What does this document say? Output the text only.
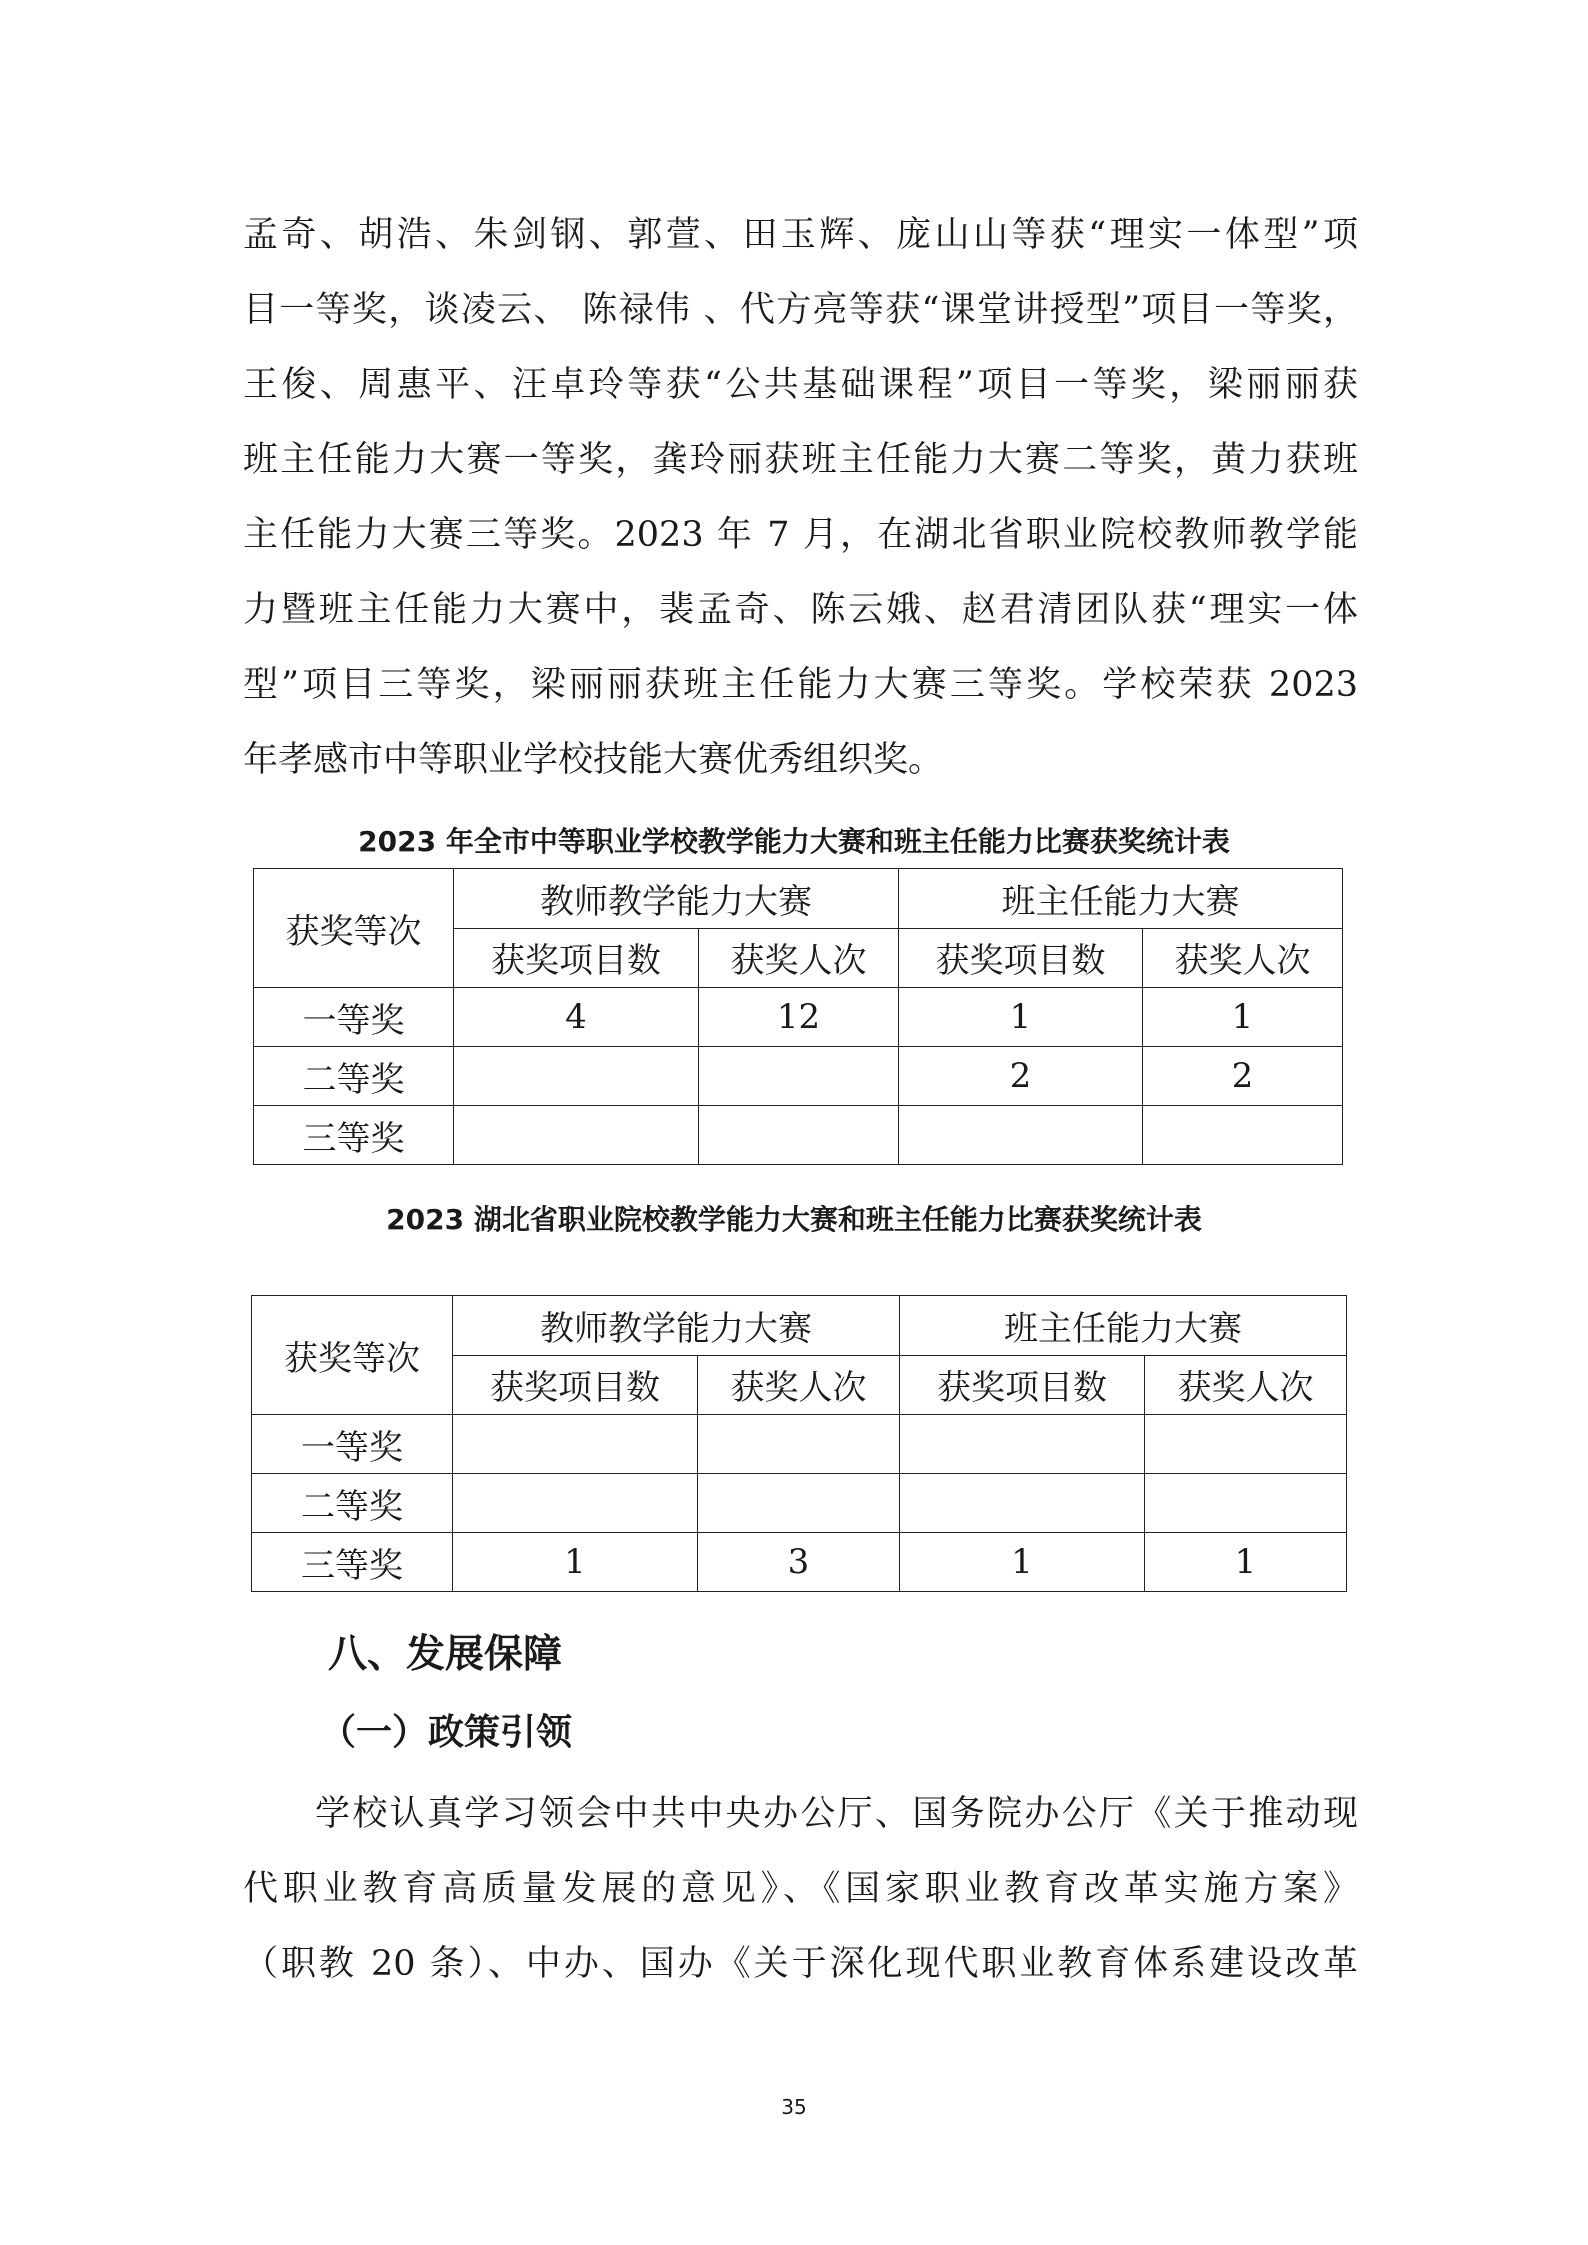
孟奇、胡浩、朱剑钢、郭萱、田玉辉、庞山山等获“理实一体型”项
目一等奖，谈凌云、 陈禄伟 、代方亮等获“课堂讲授型”项目一等奖，
王俊、周惠平、汪卓玲等获“公共基础课程”项目一等奖，梁丽丽获
班主任能力大赛一等奖，龚玲丽获班主任能力大赛二等奖，黄力获班
主任能力大赛三等奖。2023 年 7 月，在湖北省职业院校教师教学能
力暨班主任能力大赛中，裴孟奇、陈云娥、赵君清团队获“理实一体
型”项目三等奖，梁丽丽获班主任能力大赛三等奖。学校荣获 2023
年孝感市中等职业学校技能大赛优秀组织奖。
2023 年全市中等职业学校教学能力大赛和班主任能力比赛获奖统计表
获奖等次	教师教学能力大赛		班主任能力大赛	
	获奖项目数	获奖人次	获奖项目数	获奖人次
一等奖	4	12	1	1
二等奖			2	2
三等奖				
2023 湖北省职业院校教学能力大赛和班主任能力比赛获奖统计表
获奖等次	教师教学能力大赛		班主任能力大赛	
	获奖项目数	获奖人次	获奖项目数	获奖人次
一等奖				
二等奖				
三等奖	1	3	1	1
八、发展保障
（一）政策引领
学校认真学习领会中共中央办公厅、国务院办公厅《关于推动现
代职业教育高质量发展的意见》、《国家职业教育改革实施方案》
（职教 20 条）、中办、国办《关于深化现代职业教育体系建设改革
35
